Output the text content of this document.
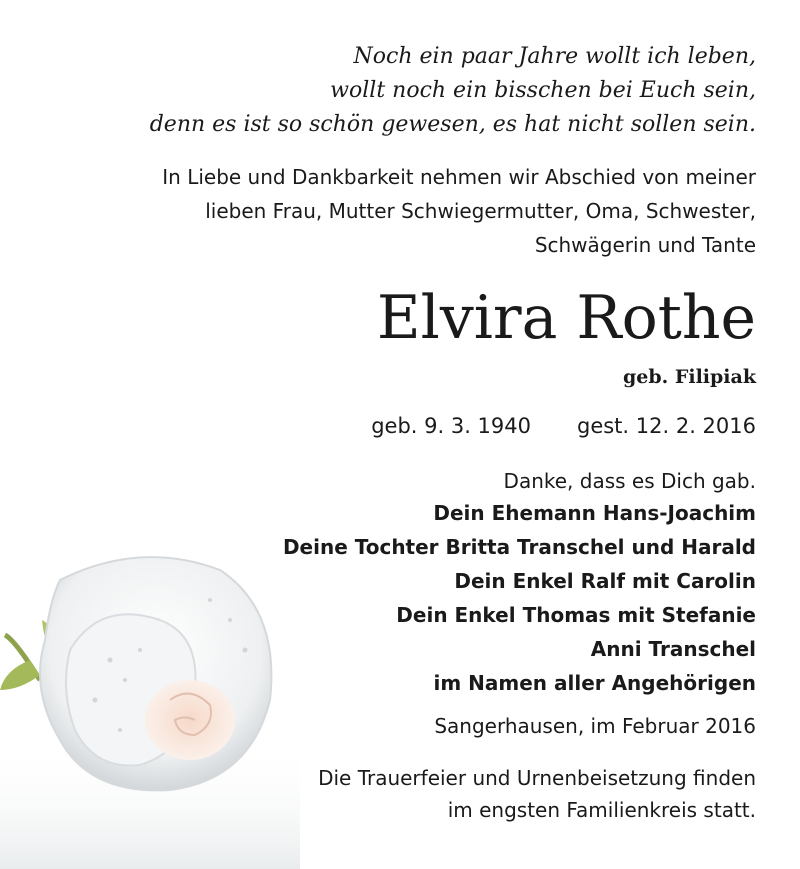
Noch ein paar Jahre wollt ich leben,
wollt noch ein bisschen bei Euch sein,
denn es ist so schön gewesen, es hat nicht sollen sein.
In Liebe und Dankbarkeit nehmen wir Abschied von meiner
lieben Frau, Mutter Schwiegermutter, Oma, Schwester,
Schwägerin und Tante
Elvira Rothe
geb. Filipiak
geb. 9. 3. 1940 gest. 12. 2. 2016
Danke, dass es Dich gab.
Dein Ehemann Hans-Joachim
Deine Tochter Britta Transchel und Harald
Dein Enkel Ralf mit Carolin
Dein Enkel Thomas mit Stefanie
Anni Transchel
im Namen aller Angehörigen
Sangerhausen, im Februar 2016
Die Trauerfeier und Urnenbeisetzung finden
im engsten Familienkreis statt.
